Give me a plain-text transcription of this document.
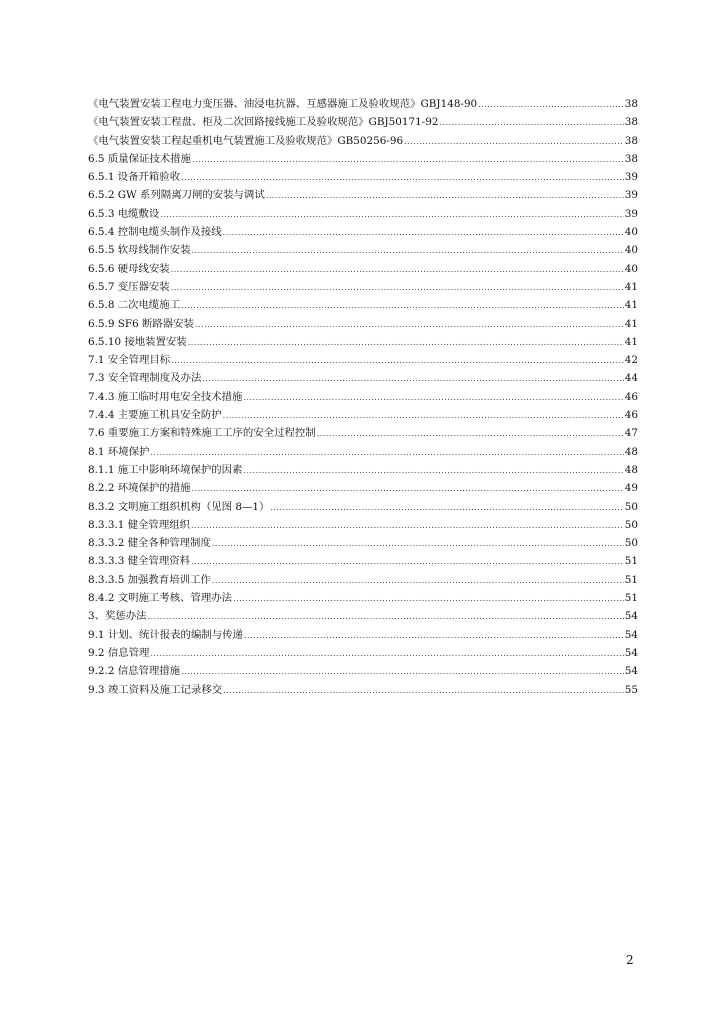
《电气装置安装工程电力变压器、油浸电抗器、互感器施工及验收规范》GBJ148-90 .....	38
《电气装置安装工程盘、柜及二次回路接线施工及验收规范》GBJ50171-92 .....	38
《电气装置安装工程起重机电气装置施工及验收规范》GB50256-96 .....	38
6.5 质量保证技术措施 .....	38
6.5.1 设备开箱验收 .....	39
6.5.2 GW 系列隔离刀闸的安装与调试 .....	39
6.5.3 电缆敷设 .....	39
6.5.4 控制电缆头制作及接线 .....	40
6.5.5 软母线制作安装 .....	40
6.5.6 硬母线安装 .....	40
6.5.7 变压器安装 .....	41
6.5.8 二次电缆施工 .....	41
6.5.9 SF6 断路器安装 .....	41
6.5.10 接地装置安装 .....	41
7.1 安全管理目标 .....	42
7.3 安全管理制度及办法 .....	44
7.4.3 施工临时用电安全技术措施 .....	46
7.4.4 主要施工机具安全防护 .....	46
7.6 重要施工方案和特殊施工工序的安全过程控制 .....	47
8.1 环境保护 .....	48
8.1.1 施工中影响环境保护的因素 .....	48
8.2.2 环境保护的措施 .....	49
8.3.2 文明施工组织机构（见图 8—1） .....	50
8.3.3.1 健全管理组织 .....	50
8.3.3.2 健全各种管理制度 .....	50
8.3.3.3 健全管理资料 .....	51
8.3.3.5 加强教育培训工作 .....	51
8.4.2 文明施工考核、管理办法 .....	51
3、奖惩办法 .....	54
9.1 计划、统计报表的编制与传递 .....	54
9.2 信息管理 .....	54
9.2.2 信息管理措施 .....	54
9.3 竣工资料及施工记录移交 .....	55
2
